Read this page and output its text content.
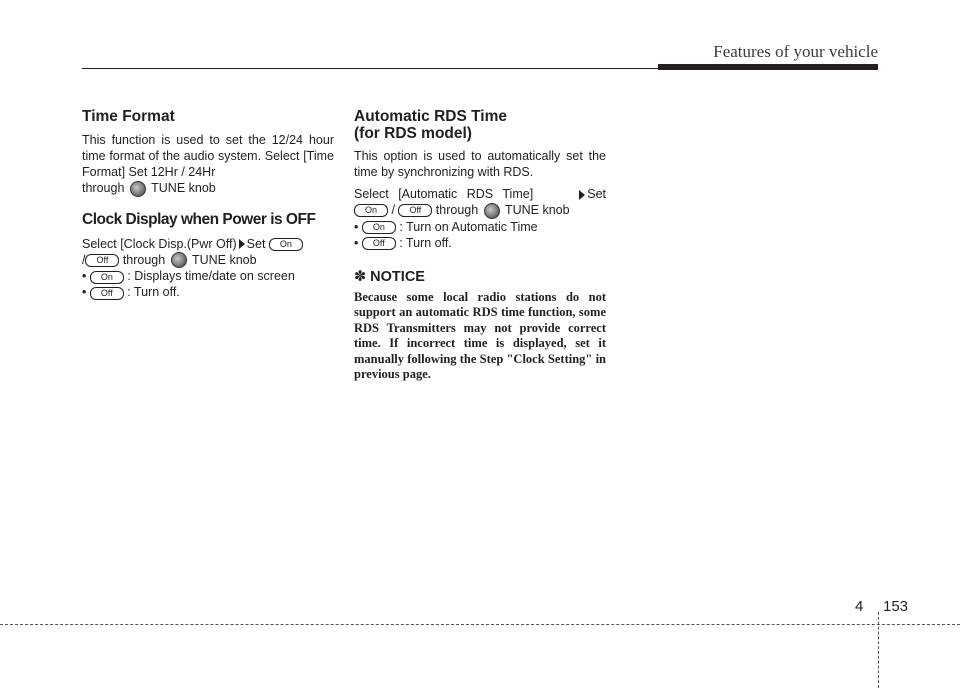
Features of your vehicle
Time Format

This function is used to set the 12/24 hour time format of the audio system. Select [Time Format] Set 12Hr / 24Hr

through TUNE knob

Clock Display when Power is OFF

Select [Clock Disp.(Pwr Off) Set On

/ Off through TUNE knob

• On : Displays time/date on screen

• Off : Turn off.

Automatic RDS Time
(for RDS model)

This option is used to automatically set the time by synchronizing with RDS.

Select [Automatic RDS Time]	Set

On / Off through TUNE knob

• On : Turn on Automatic Time

• Off : Turn off.

✽ NOTICE

Because some local radio stations do not support an automatic RDS time function, some RDS Transmitters may not provide correct time. If incorrect time is displayed, set it manually following the Step "Clock Setting" in previous page.

4 153
